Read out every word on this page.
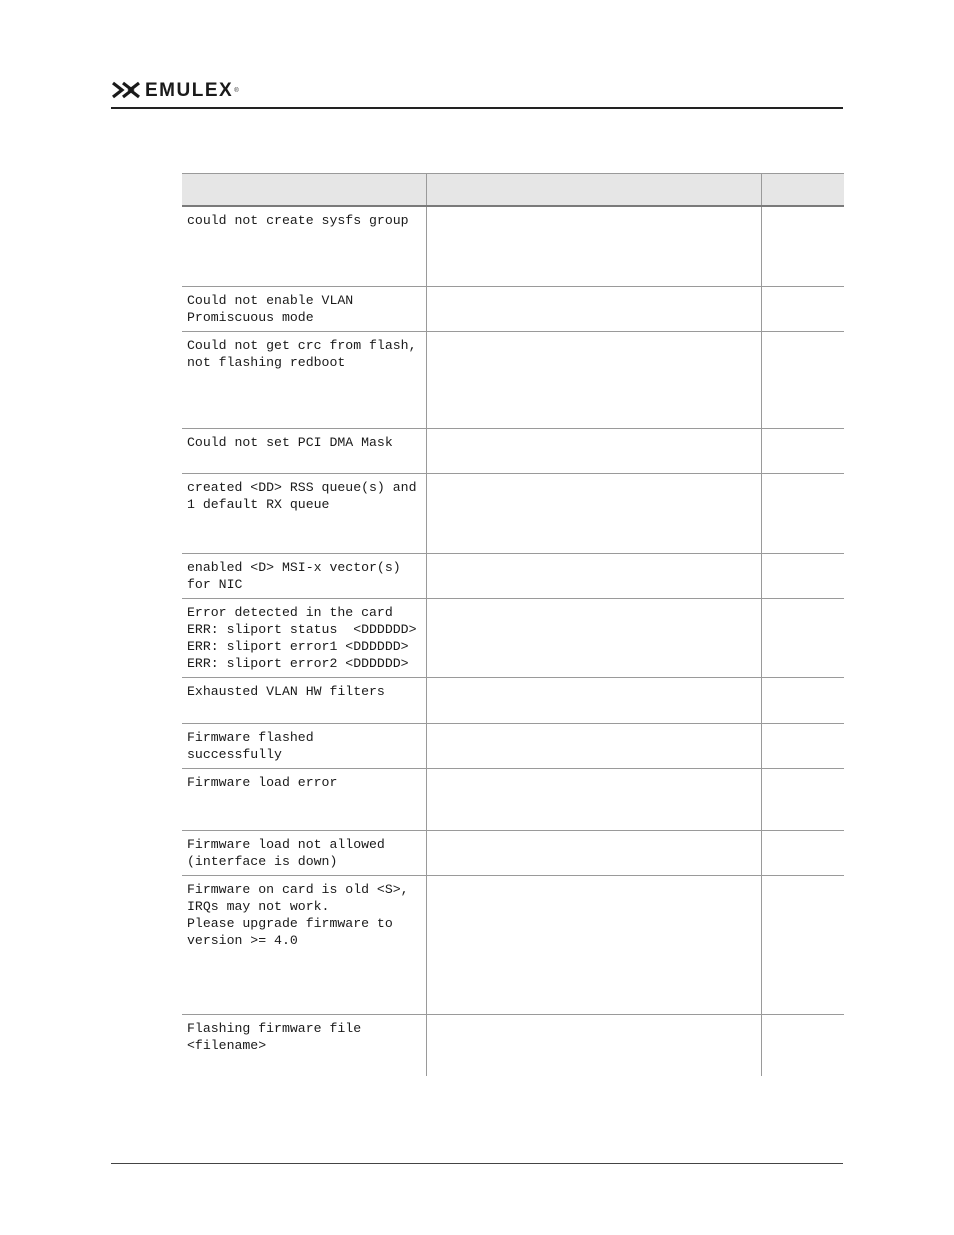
EMULEX ®

could not create sysfs group		

Could not enable VLAN
Promiscuous mode		

Could not get crc from flash,
not flashing redboot		

Could not set PCI DMA Mask		

created <DD> RSS queue(s) and
1 default RX queue		

enabled <D> MSI-x vector(s)
for NIC		

Error detected in the card
ERR: sliport status  <DDDDDD>
ERR: sliport error1 <DDDDDD>
ERR: sliport error2 <DDDDDD>		

Exhausted VLAN HW filters		

Firmware flashed
successfully		

Firmware load error		

Firmware load not allowed
(interface is down)		

Firmware on card is old <S>,
IRQs may not work.
Please upgrade firmware to
version >= 4.0		

Flashing firmware file
<filename>		
